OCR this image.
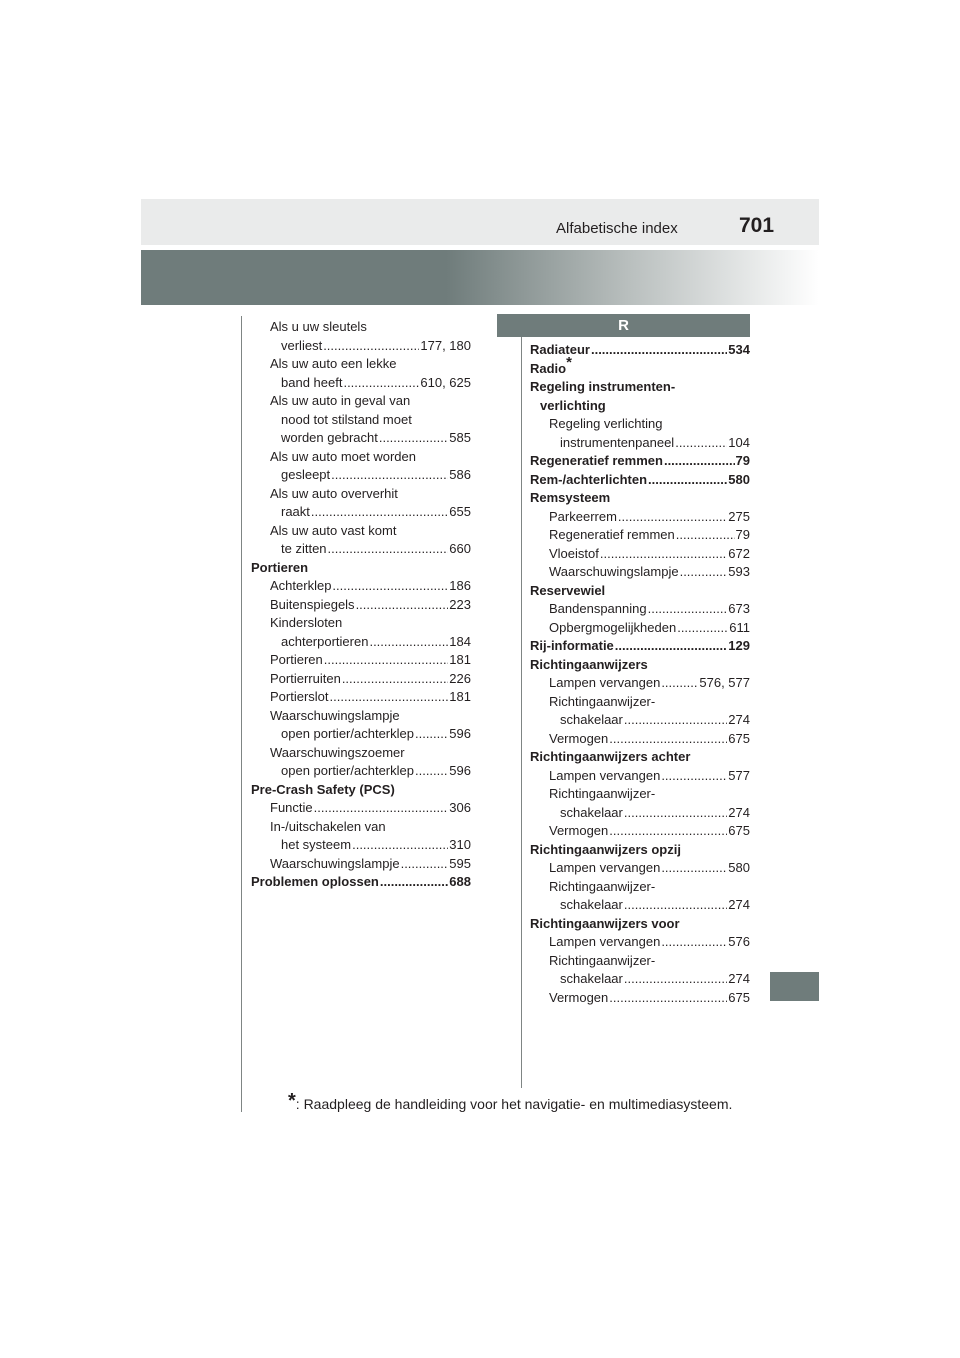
Alfabetische index	701
R
Als u uw sleutels
verliest .....	177, 180
Als uw auto een lekke
band heeft .....	610, 625
Als uw auto in geval van
nood tot stilstand moet
worden gebracht .....	585
Als uw auto moet worden
gesleept .....	586
Als uw auto oververhit
raakt .....	655
Als uw auto vast komt
te zitten .....	660
Portieren
Achterklep .....	186
Buitenspiegels .....	223
Kindersloten
achterportieren .....	184
Portieren .....	181
Portierruiten .....	226
Portierslot .....	181
Waarschuwingslampje
open portier/achterklep .....	596
Waarschuwingszoemer
open portier/achterklep .....	596
Pre-Crash Safety (PCS)
Functie .....	306
In-/uitschakelen van
het systeem .....	310
Waarschuwingslampje .....	595
Problemen oplossen .....	688
Radiateur .....	534
Radio*
Regeling instrumenten-
verlichting
Regeling verlichting
instrumentenpaneel .....	104
Regeneratief remmen .....	79
Rem-/achterlichten .....	580
Remsysteem
Parkeerrem .....	275
Regeneratief remmen .....	79
Vloeistof .....	672
Waarschuwingslampje .....	593
Reservewiel
Bandenspanning .....	673
Opbergmogelijkheden .....	611
Rij-informatie .....	129
Richtingaanwijzers
Lampen vervangen .....	576, 577
Richtingaanwijzer-
schakelaar .....	274
Vermogen .....	675
Richtingaanwijzers achter
Lampen vervangen .....	577
Richtingaanwijzer-
schakelaar .....	274
Vermogen .....	675
Richtingaanwijzers opzij
Lampen vervangen .....	580
Richtingaanwijzer-
schakelaar .....	274
Richtingaanwijzers voor
Lampen vervangen .....	576
Richtingaanwijzer-
schakelaar .....	274
Vermogen .....	675
*: Raadpleeg de handleiding voor het navigatie- en multimediasysteem.
